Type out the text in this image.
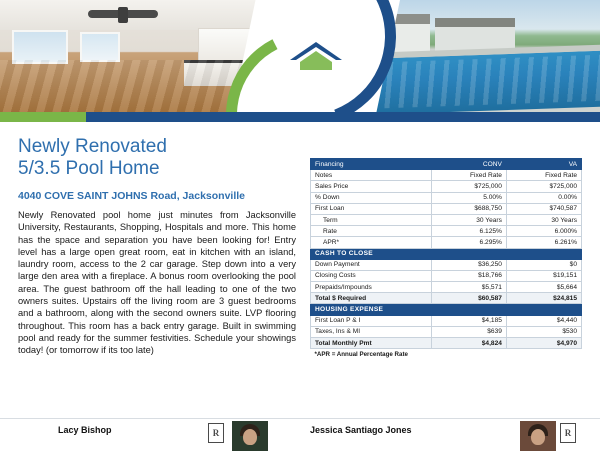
Newly Renovated
5/3.5 Pool Home
4040 COVE SAINT JOHNS Road, Jacksonville

Newly Renovated pool home just minutes from Jacksonville University, Restaurants, Shopping, Hospitals and more. This home has the space and separation you have been looking for! Entry level has a large open great room, eat in kitchen with an island, laundry room, access to the 2 car garage. Step down into a very large den area with a fireplace. A bonus room overlooking the pool area. The guest bathroom off the hall leading to one of the two owners suites. Upstairs off the living room are 3 guest bedrooms and a bathroom, along with the second owners suite. LVP flooring throughout. This room has a back entry garage. Built in swimming pool and ready for the summer festivities. Schedule your showings today! (or tomorrow if its too late)

Financing	CONV	VA
Notes	Fixed Rate	Fixed Rate
Sales Price	$725,000	$725,000
% Down	5.00%	0.00%
First Loan	$688,750	$740,587
Term	30 Years	30 Years
Rate	6.125%	6.000%
APR*	6.295%	6.261%
CASH TO CLOSE		
Down Payment	$36,250	$0
Closing Costs	$18,766	$19,151
Prepaids/Impounds	$5,571	$5,664
Total $ Required	$60,587	$24,815
HOUSING EXPENSE		
First Loan P & I	$4,185	$4,440
Taxes, Ins & MI	$639	$530
Total Monthly Pmt	$4,824	$4,970
*APR = Annual Percentage Rate		
Lacy Bishop	R	Jessica Santiago Jones	R
